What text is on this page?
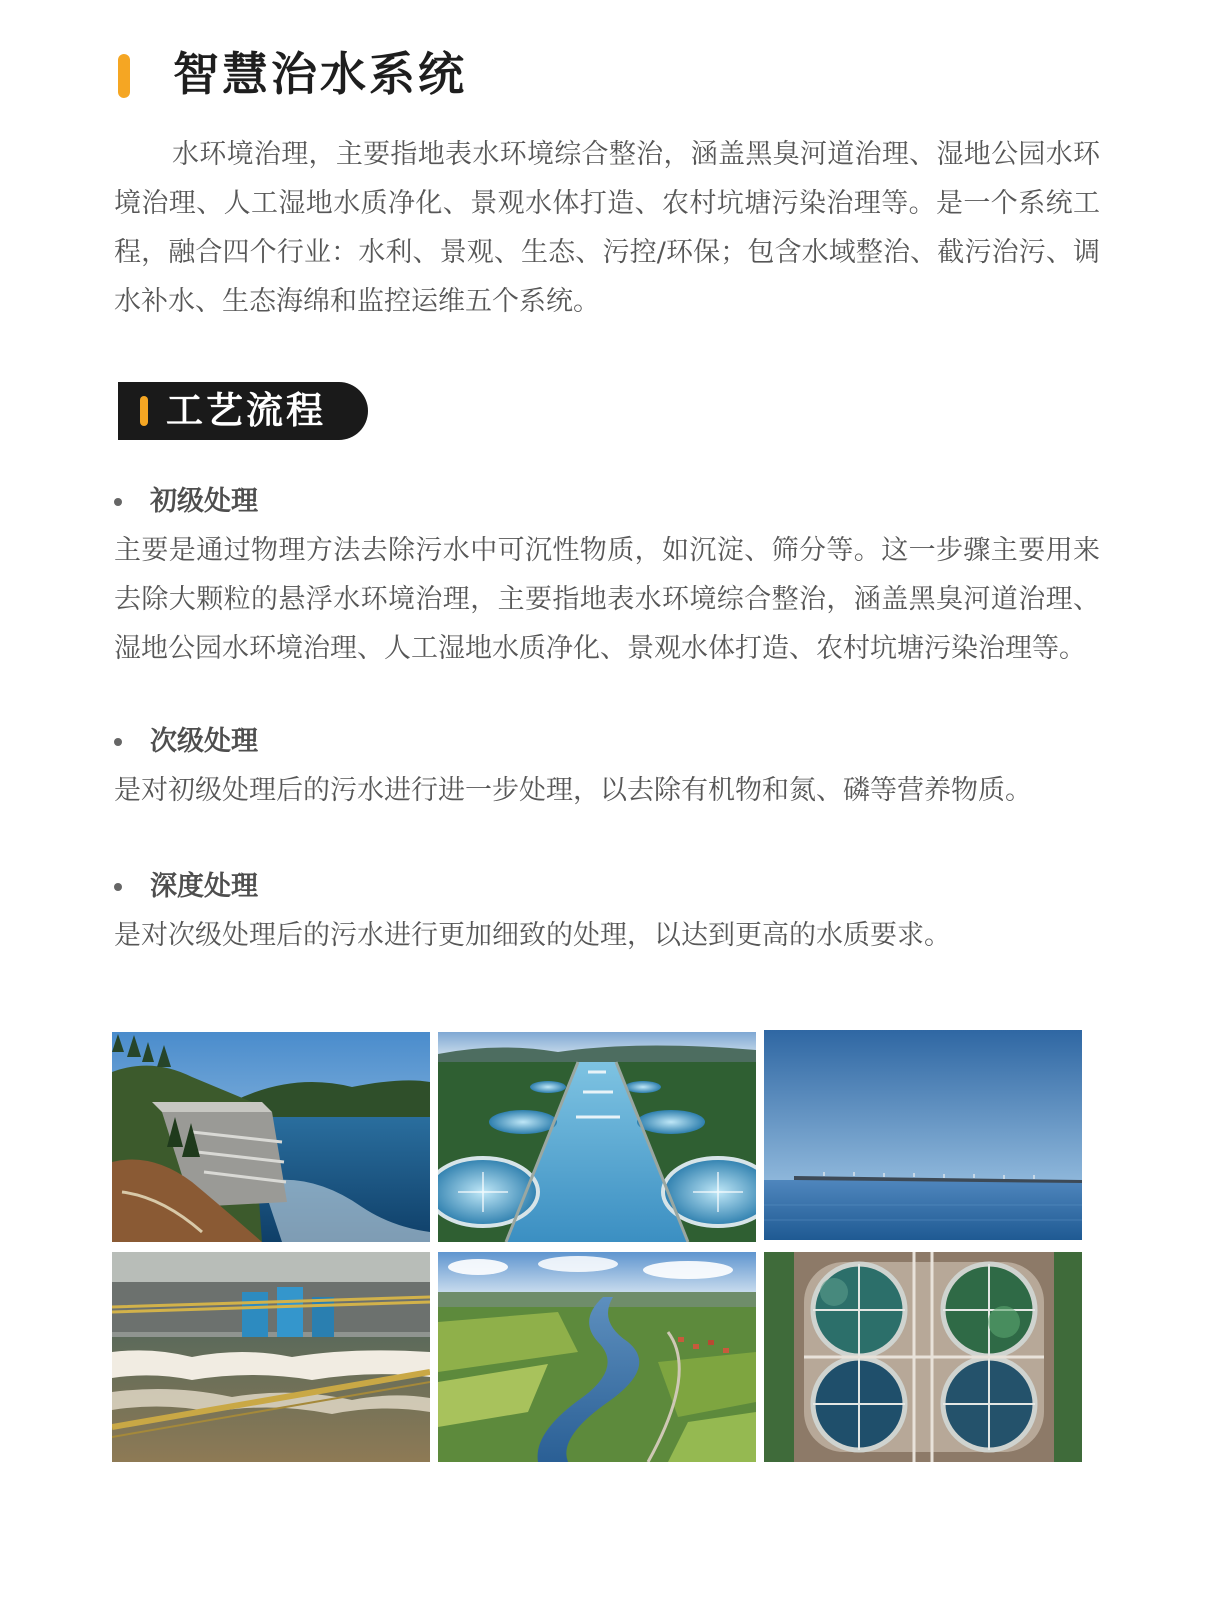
智慧治水系统

水环境治理，主要指地表水环境综合整治，涵盖黑臭河道治理、湿地公园水环境治理、人工湿地水质净化、景观水体打造、农村坑塘污染治理等。是一个系统工程，融合四个行业：水利、景观、生态、污控/环保；包含水域整治、截污治污、调水补水、生态海绵和监控运维五个系统。

工艺流程
初级处理

主要是通过物理方法去除污水中可沉性物质，如沉淀、筛分等。这一步骤主要用来去除大颗粒的悬浮水环境治理，主要指地表水环境综合整治，涵盖黑臭河道治理、湿地公园水环境治理、人工湿地水质净化、景观水体打造、农村坑塘污染治理等。

次级处理

是对初级处理后的污水进行进一步处理，以去除有机物和氮、磷等营养物质。

深度处理

是对次级处理后的污水进行更加细致的处理，以达到更高的水质要求。
